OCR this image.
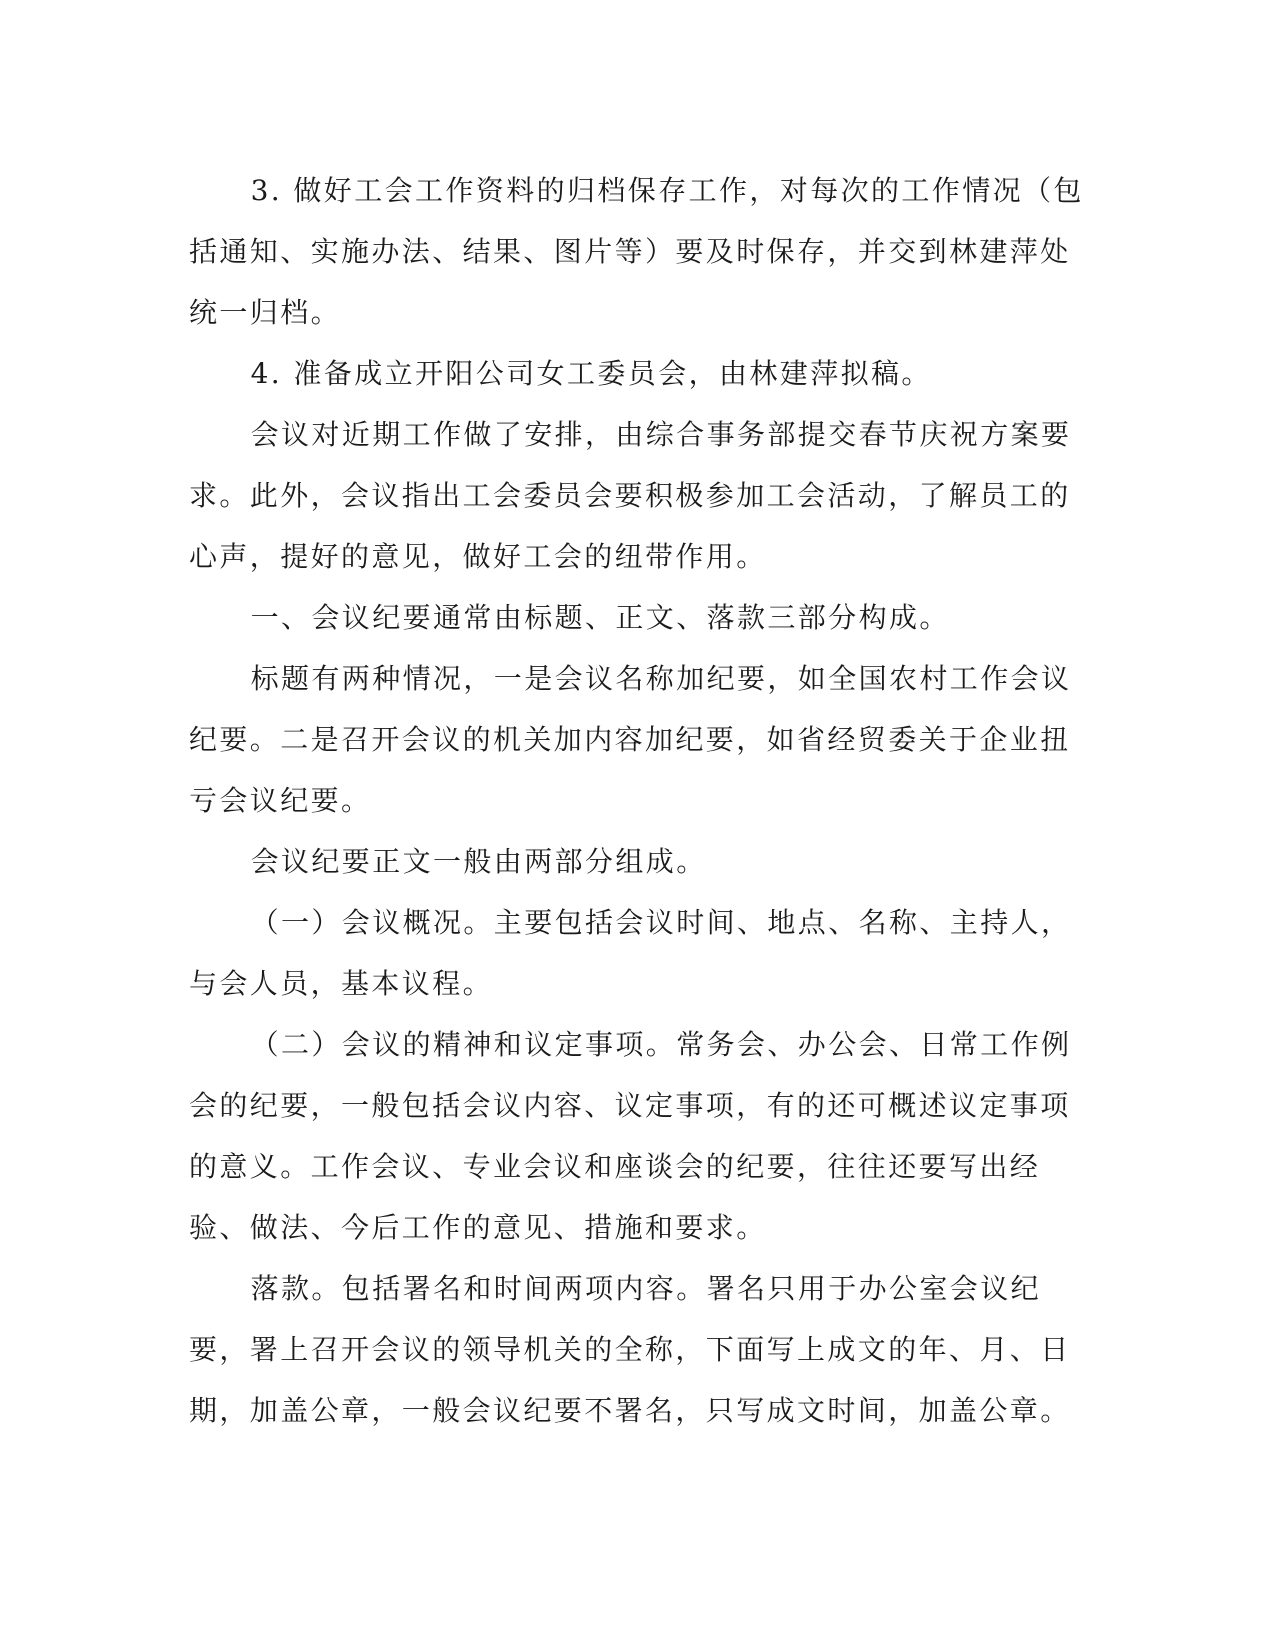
3. 做好工会工作资料的归档保存工作，对每次的工作情况（包括通知、实施办法、结果、图片等）要及时保存，并交到林建萍处统一归档。

4. 准备成立开阳公司女工委员会，由林建萍拟稿。

会议对近期工作做了安排，由综合事务部提交春节庆祝方案要求。此外，会议指出工会委员会要积极参加工会活动，了解员工的心声，提好的意见，做好工会的纽带作用。

一、会议纪要通常由标题、正文、落款三部分构成。

标题有两种情况，一是会议名称加纪要，如全国农村工作会议纪要。二是召开会议的机关加内容加纪要，如省经贸委关于企业扭亏会议纪要。

会议纪要正文一般由两部分组成。

（一）会议概况。主要包括会议时间、地点、名称、主持人，与会人员，基本议程。

（二）会议的精神和议定事项。常务会、办公会、日常工作例会的纪要，一般包括会议内容、议定事项，有的还可概述议定事项的意义。工作会议、专业会议和座谈会的纪要，往往还要写出经验、做法、今后工作的意见、措施和要求。

落款。包括署名和时间两项内容。署名只用于办公室会议纪要，署上召开会议的领导机关的全称，下面写上成文的年、月、日期，加盖公章，一般会议纪要不署名，只写成文时间，加盖公章。
